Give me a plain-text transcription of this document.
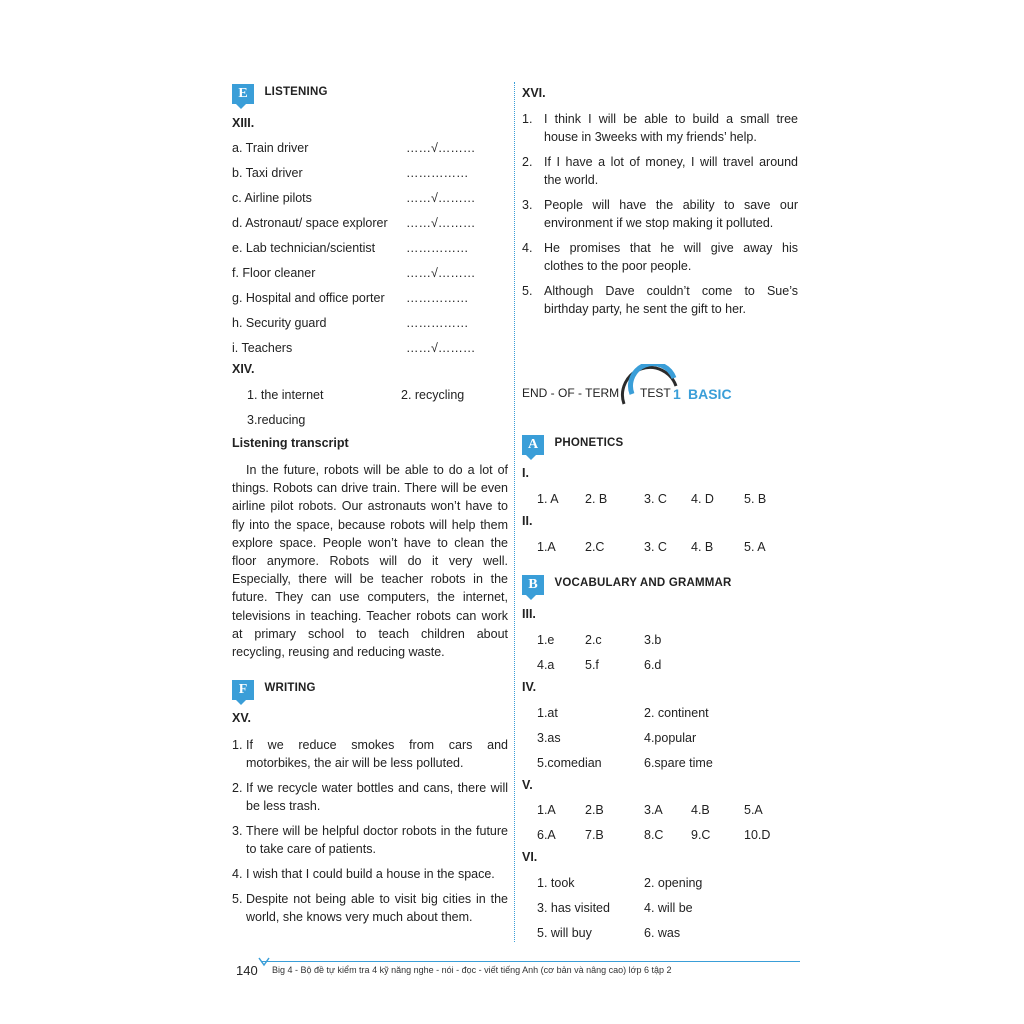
E LISTENING
XIII.
a. Train driver	……√………
b. Taxi driver	……………
c. Airline pilots	……√………
d. Astronaut/ space explorer ……√………
e. Lab technician/scientist ……………
f. Floor cleaner	……√………
g. Hospital and office porter ……………
h. Security guard	……………
i. Teachers	……√………
XIV.
1. the internet	2. recycling
3.reducing
Listening transcript
In the future, robots will be able to do a lot of things. Robots can drive train. There will be even airline pilot robots. Our astronauts won’t have to fly into the space, because robots will help them explore space. People won’t have to clean the floor anymore. Robots will do it very well. Especially, there will be teacher robots in the future. They can use computers, the internet, televisions in teaching. Teacher robots can work at primary school to teach children about recycling, reusing and reducing waste.
F WRITING
XV.
1. If we reduce smokes from cars and motorbikes, the air will be less polluted.
2. If we recycle water bottles and cans, there will be less trash.
3. There will be helpful doctor robots in the future to take care of patients.
4. I wish that I could build a house in the space.
5. Despite not being able to visit big cities in the world, she knows very much about them.
XVI.
1. I think I will be able to build a small tree house in 3weeks with my friends’ help.
2. If I have a lot of money, I will travel around the world.
3. People will have the ability to save our environment if we stop making it polluted.
4. He promises that he will give away his clothes to the poor people.
5. Although Dave couldn’t come to Sue’s birthday party, he sent the gift to her.
END - OF - TERM TEST 1 BASIC
A PHONETICS
I.
1. A 2. B	3. C 4. D 5. B
II.
1.A 2.C	3. C 4. B 5. A
B VOCABULARY AND GRAMMAR
III.
1.e 2.c	3.b
4.a 5.f	6.d
IV.
1.at	2. continent
3.as	4.popular
5.comedian	6.spare time
V.
1.A 2.B	3.A 4.B	5.A
6.A 7.B	8.C 9.C	10.D
VI.
1. took	2. opening
3. has visited	4. will be
5. will buy	6. was
140 Big 4 - Bộ đề tự kiểm tra 4 kỹ năng nghe - nói - đọc - viết tiếng Anh (cơ bản và nâng cao) lớp 6 tập 2
